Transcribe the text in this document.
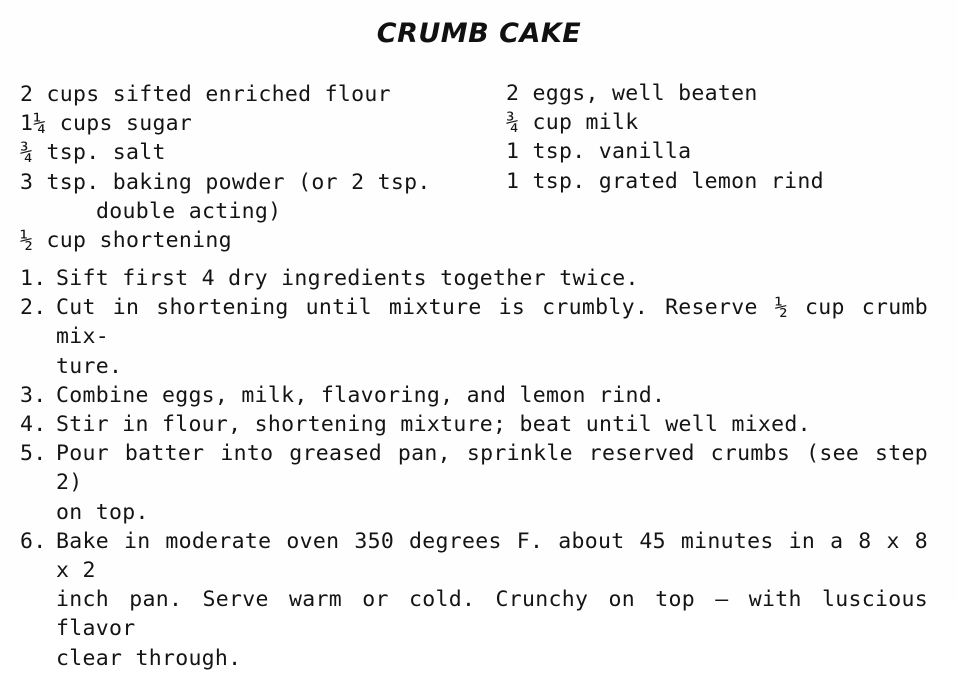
CRUMB CAKE
2 cups sifted enriched flour
1¼ cups sugar
¾ tsp. salt
3 tsp. baking powder (or 2 tsp.
double acting)
½ cup shortening
2 eggs, well beaten
¾ cup milk
1 tsp. vanilla
1 tsp. grated lemon rind
1. Sift first 4 dry ingredients together twice.
2. Cut in shortening until mixture is crumbly. Reserve ½ cup crumb mix-
ture.
3. Combine eggs, milk, flavoring, and lemon rind.
4. Stir in flour, shortening mixture; beat until well mixed.
5. Pour batter into greased pan, sprinkle reserved crumbs (see step 2)
on top.
6. Bake in moderate oven 350 degrees F. about 45 minutes in a 8 x 8 x 2
inch pan. Serve warm or cold. Crunchy on top — with luscious flavor
clear through.
